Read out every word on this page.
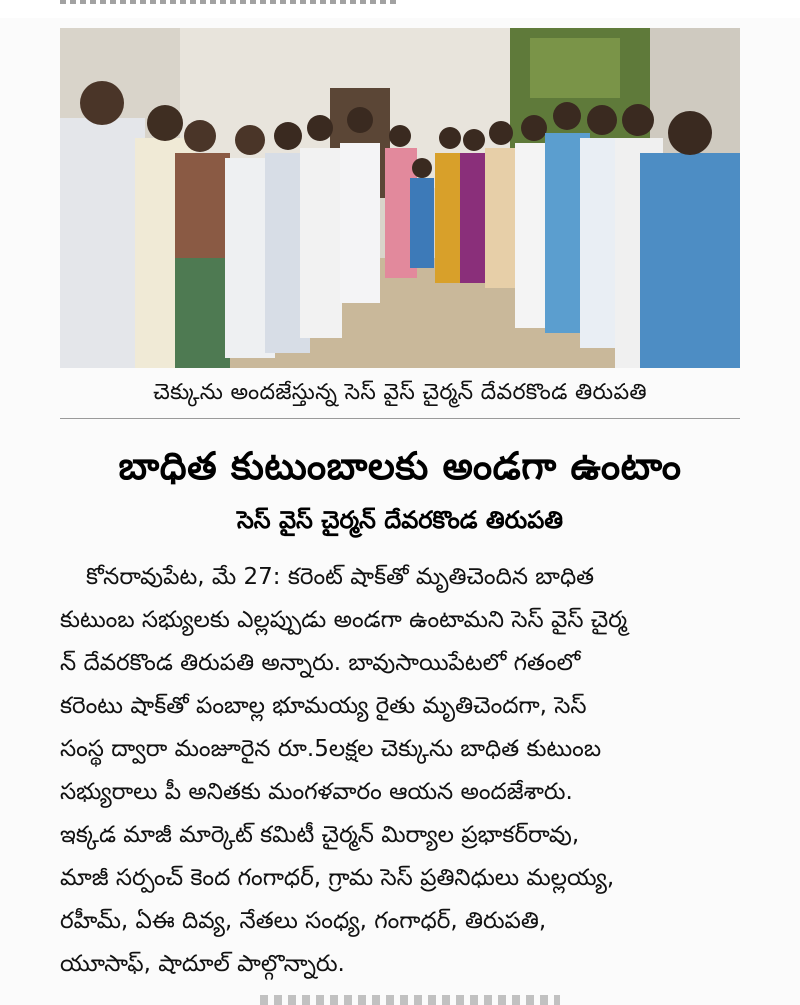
చెక్కును అందజేస్తున్న సెస్ వైస్ చైర్మన్ దేవరకొండ తిరుపతి
బాధిత కుటుంబాలకు అండగా ఉంటాం
సెస్ వైస్ చైర్మన్ దేవరకొండ తిరుపతి
కోనరావుపేట, మే 27: కరెంట్ షాక్‌తో మృతిచెందిన బాధిత
కుటుంబ సభ్యులకు ఎల్లప్పుడు అండగా ఉంటామని సెస్ వైస్ చైర్మ
న్ దేవరకొండ తిరుపతి అన్నారు. బావుసాయిపేటలో గతంలో
కరెంటు షాక్‌తో పంబాల్ల భూమయ్య రైతు మృతిచెందగా, సెస్
సంస్థ ద్వారా మంజూరైన రూ.5లక్షల చెక్కును బాధిత కుటుంబ
సభ్యురాలు పీ అనితకు మంగళవారం ఆయన అందజేశారు.
ఇక్కడ మాజీ మార్కెట్ కమిటీ చైర్మన్ మిర్యాల ప్రభాకర్‌రావు,
మాజీ సర్పంచ్ కెంద గంగాధర్, గ్రామ సెస్ ప్రతినిధులు మల్లయ్య,
రహీమ్, ఏఈ దివ్య, నేతలు సంధ్య, గంగాధర్, తిరుపతి,
యూసాఫ్, షాదూల్ పాల్గొన్నారు.
